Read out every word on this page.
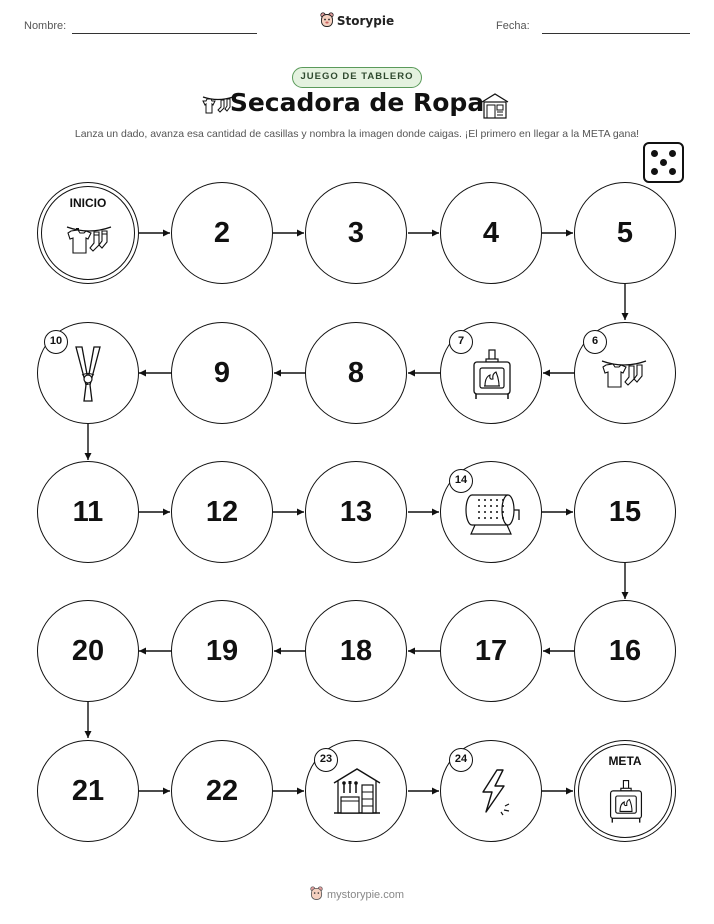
Nombre:	Storypie	Fecha:
JUEGO DE TABLERO
Secadora de Ropa
Lanza un dado, avanza esa cantidad de casillas y nombra la imagen donde caigas. ¡El primero en llegar a la META gana!
INICIO
2	3	4	5
10
9	8
7	6
11	12	13
14
15
20	19	18	17	16
21	22
23	24	META
mystorypie.com
